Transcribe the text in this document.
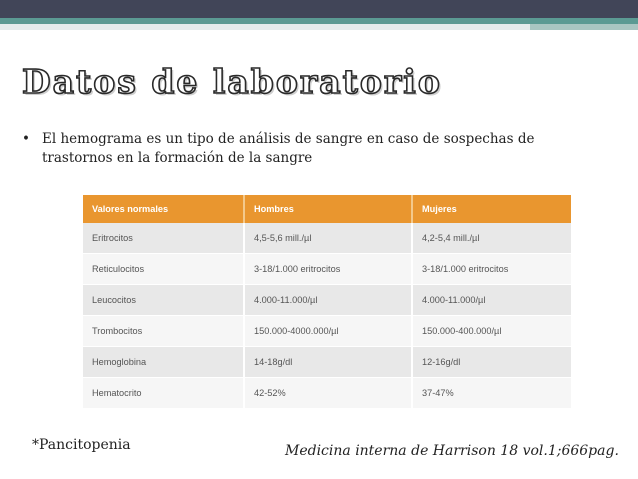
Datos de laboratorio
• El hemograma es un tipo de análisis de sangre en caso de sospechas de trastornos en la formación de la sangre
Valores normales	Hombres	Mujeres
Eritrocitos	4,5-5,6 mill./µl	4,2-5,4 mill./µl
Reticulocitos	3-18/1.000 eritrocitos	3-18/1.000 eritrocitos
Leucocitos	4.000-11.000/µl	4.000-11.000/µl
Trombocitos	150.000-4000.000/µl	150.000-400.000/µl
Hemoglobina	14-18g/dl	12-16g/dl
Hematocrito	42-52%	37-47%
*Pancitopenia	Medicina interna de Harrison 18 vol.1;666pag.
